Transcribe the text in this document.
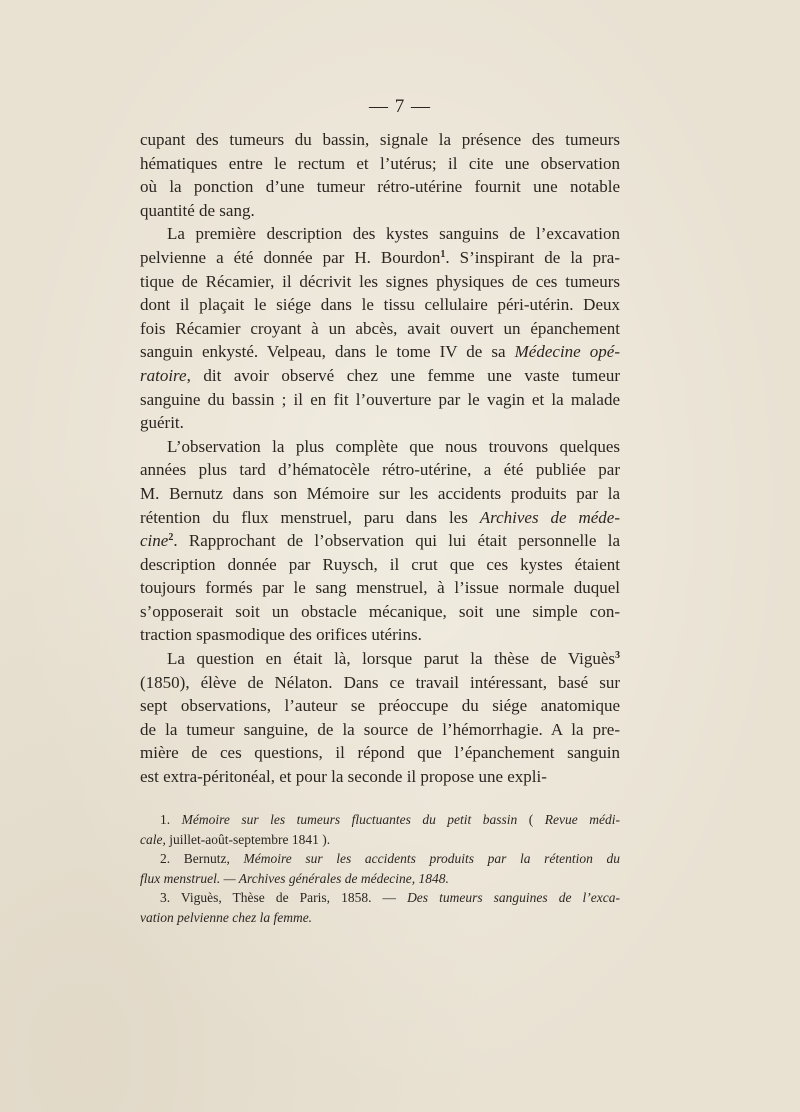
— 7 —
cupant des tumeurs du bassin, signale la présence des tumeurs
hématiques entre le rectum et l’utérus; il cite une observation
où la ponction d’une tumeur rétro-utérine fournit une notable
quantité de sang.
La première description des kystes sanguins de l’excavation
pelvienne a été donnée par H. Bourdon$^1$. S’inspirant de la pra-
tique de Récamier, il décrivit les signes physiques de ces tumeurs
dont il plaçait le siége dans le tissu cellulaire péri-utérin. Deux
fois Récamier croyant à un abcès, avait ouvert un épanchement
sanguin enkysté. Velpeau, dans le tome IV de sa Médecine opé-
ratoire, dit avoir observé chez une femme une vaste tumeur
sanguine du bassin ; il en fit l’ouverture par le vagin et la malade
guérit.
L’observation la plus complète que nous trouvons quelques
années plus tard d’hématocèle rétro-utérine, a été publiée par
M. Bernutz dans son Mémoire sur les accidents produits par la
rétention du flux menstruel, paru dans les Archives de méde-
cine$^2$. Rapprochant de l’observation qui lui était personnelle la
description donnée par Ruysch, il crut que ces kystes étaient
toujours formés par le sang menstruel, à l’issue normale duquel
s’opposerait soit un obstacle mécanique, soit une simple con-
traction spasmodique des orifices utérins.
La question en était là, lorsque parut la thèse de Viguès$^3$
(1850), élève de Nélaton. Dans ce travail intéressant, basé sur
sept observations, l’auteur se préoccupe du siége anatomique
de la tumeur sanguine, de la source de l’hémorrhagie. A la pre-
mière de ces questions, il répond que l’épanchement sanguin
est extra-péritonéal, et pour la seconde il propose une expli-
1. Mémoire sur les tumeurs fluctuantes du petit bassin ( Revue médi-
cale, juillet-août-septembre 1841 ).
2. Bernutz, Mémoire sur les accidents produits par la rétention du
flux menstruel. — Archives générales de médecine, 1848.
3. Viguès, Thèse de Paris, 1858. — Des tumeurs sanguines de l’exca-
vation pelvienne chez la femme.
